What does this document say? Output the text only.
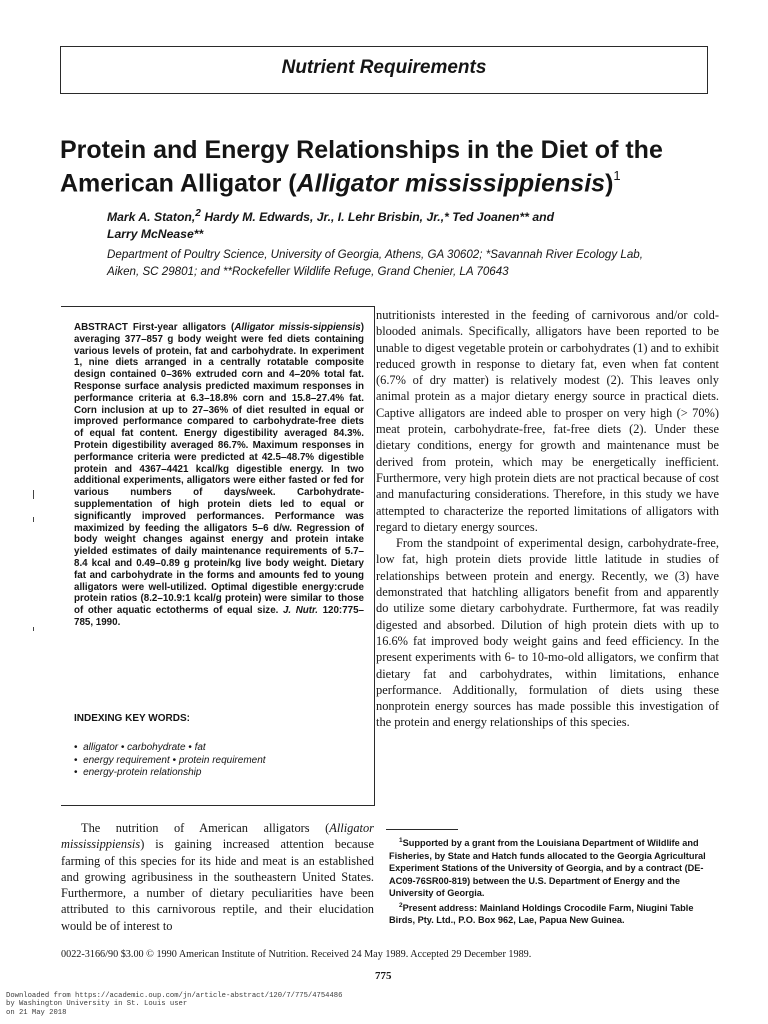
Nutrient Requirements
Protein and Energy Relationships in the Diet of the
American Alligator (Alligator mississippiensis)$^1$
Mark A. Staton,$^2$ Hardy M. Edwards, Jr., I. Lehr Brisbin, Jr.,* Ted Joanen** and
Larry McNease**
Department of Poultry Science, University of Georgia, Athens, GA 30602; *Savannah River Ecology Lab,
Aiken, SC 29801; and **Rockefeller Wildlife Refuge, Grand Chenier, LA 70643

ABSTRACT First-year alligators (Alligator missis-sippiensis) averaging 377–857 g body weight were fed diets containing various levels of protein, fat and carbohydrate. In experiment 1, nine diets arranged in a centrally rotatable composite design contained 0–36% extruded corn and 4–20% total fat. Response surface analysis predicted maximum responses in performance criteria at 6.3–18.8% corn and 15.8–27.4% fat. Corn inclusion at up to 27–36% of diet resulted in equal or improved performance compared to carbohydrate-free diets of equal fat content. Energy digestibility averaged 84.3%. Protein digestibility averaged 86.7%. Maximum responses in performance criteria were predicted at 42.5–48.7% digestible protein and 4367–4421 kcal/kg digestible energy. In two additional experiments, alligators were either fasted or fed for various numbers of days/week. Carbohydrate-supplementation of high protein diets led to equal or significantly improved performances. Performance was maximized by feeding the alligators 5–6 d/w. Regression of body weight changes against energy and protein intake yielded estimates of daily maintenance requirements of 5.7–8.4 kcal and 0.49–0.89 g protein/kg live body weight. Dietary fat and carbohydrate in the forms and amounts fed to young alligators were well-utilized. Optimal digestible energy:crude protein ratios (8.2–10.9:1 kcal/g protein) were similar to those of other aquatic ectotherms of equal size. J. Nutr. 120:775–785, 1990.

INDEXING KEY WORDS:
•  alligator • carbohydrate • fat
•  energy requirement • protein requirement
•  energy-protein relationship

The nutrition of American alligators (Alligator mississippiensis) is gaining increased attention because farming of this species for its hide and meat is an established and growing agribusiness in the southeastern United States. Furthermore, a number of dietary peculiarities have been attributed to this carnivorous reptile, and their elucidation would be of interest to

nutritionists interested in the feeding of carnivorous and/or cold-blooded animals. Specifically, alligators have been reported to be unable to digest vegetable protein or carbohydrates (1) and to exhibit reduced growth in response to dietary fat, even when fat content (6.7% of dry matter) is relatively modest (2). This leaves only animal protein as a major dietary energy source in practical diets. Captive alligators are indeed able to prosper on very high (> 70%) meat protein, carbohydrate-free, fat-free diets (2). Under these dietary conditions, energy for growth and maintenance must be derived from protein, which may be energetically inefficient. Furthermore, very high protein diets are not practical because of cost and manufacturing considerations. Therefore, in this study we have attempted to characterize the reported limitations of alligators with regard to dietary energy sources.

From the standpoint of experimental design, carbohydrate-free, low fat, high protein diets provide little latitude in studies of relationships between protein and energy. Recently, we (3) have demonstrated that hatchling alligators benefit from and apparently do utilize some dietary carbohydrate. Furthermore, fat was readily digested and absorbed. Dilution of high protein diets with up to 16.6% fat improved body weight gains and feed efficiency. In the present experiments with 6- to 10-mo-old alligators, we confirm that dietary fat and carbohydrates, within limitations, enhance performance. Additionally, formulation of diets using these nonprotein energy sources has made possible this investigation of the protein and energy relationships of this species.

$^1$Supported by a grant from the Louisiana Department of Wildlife and Fisheries, by State and Hatch funds allocated to the Georgia Agricultural Experiment Stations of the University of Georgia, and by a contract (DE-AC09-76SR00-819) between the U.S. Department of Energy and the University of Georgia.

$^2$Present address: Mainland Holdings Crocodile Farm, Niugini Table Birds, Pty. Ltd., P.O. Box 962, Lae, Papua New Guinea.

0022-3166/90 $3.00 © 1990 American Institute of Nutrition. Received 24 May 1989. Accepted 29 December 1989.
775
Downloaded from https://academic.oup.com/jn/article-abstract/120/7/775/4754486
by Washington University in St. Louis user
on 21 May 2018
